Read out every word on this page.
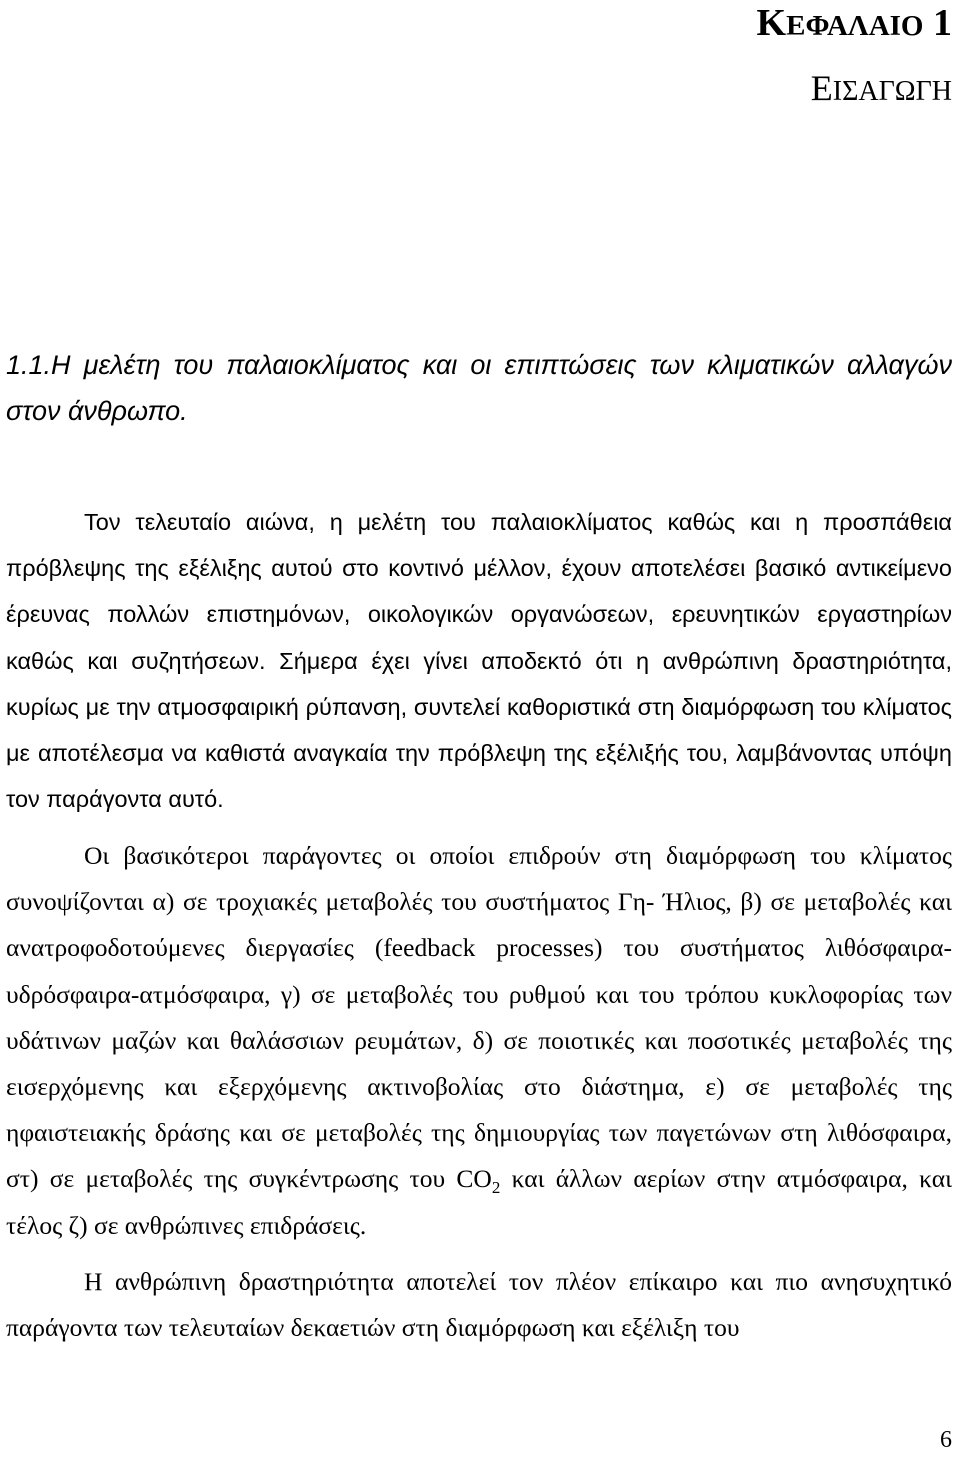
ΚΕΦΑΛΑΙΟ 1
ΕΙΣΑΓΩΓΗ
1.1.Η μελέτη του παλαιοκλίματος και οι επιπτώσεις των κλιματικών αλλαγών στον άνθρωπο.

Τον τελευταίο αιώνα, η μελέτη του παλαιοκλίματος καθώς και η προσπάθεια πρόβλεψης της εξέλιξης αυτού στο κοντινό μέλλον, έχουν αποτελέσει βασικό αντικείμενο έρευνας πολλών επιστημόνων, οικολογικών οργανώσεων, ερευνητικών εργαστηρίων καθώς και συζητήσεων. Σήμερα έχει γίνει αποδεκτό ότι η ανθρώπινη δραστηριότητα, κυρίως με την ατμοσφαιρική ρύπανση, συντελεί καθοριστικά στη διαμόρφωση του κλίματος με αποτέλεσμα να καθιστά αναγκαία την πρόβλεψη της εξέλιξής του, λαμβάνοντας υπόψη τον παράγοντα αυτό.

Οι βασικότεροι παράγοντες οι οποίοι επιδρούν στη διαμόρφωση του κλίματος συνοψίζονται α) σε τροχιακές μεταβολές του συστήματος Γη- Ήλιος, β) σε μεταβολές και ανατροφοδοτούμενες διεργασίες (feedback processes) του συστήματος λιθόσφαιρα-υδρόσφαιρα-ατμόσφαιρα, γ) σε μεταβολές του ρυθμού και του τρόπου κυκλοφορίας των υδάτινων μαζών και θαλάσσιων ρευμάτων, δ) σε ποιοτικές και ποσοτικές μεταβολές της εισερχόμενης και εξερχόμενης ακτινοβολίας στο διάστημα, ε) σε μεταβολές της ηφαιστειακής δράσης και σε μεταβολές της δημιουργίας των παγετώνων στη λιθόσφαιρα, στ) σε μεταβολές της συγκέντρωσης του $CO_2$ και άλλων αερίων στην ατμόσφαιρα, και τέλος ζ) σε ανθρώπινες επιδράσεις.

Η ανθρώπινη δραστηριότητα αποτελεί τον πλέον επίκαιρο και πιο ανησυχητικό παράγοντα των τελευταίων δεκαετιών στη διαμόρφωση και εξέλιξη του

6
